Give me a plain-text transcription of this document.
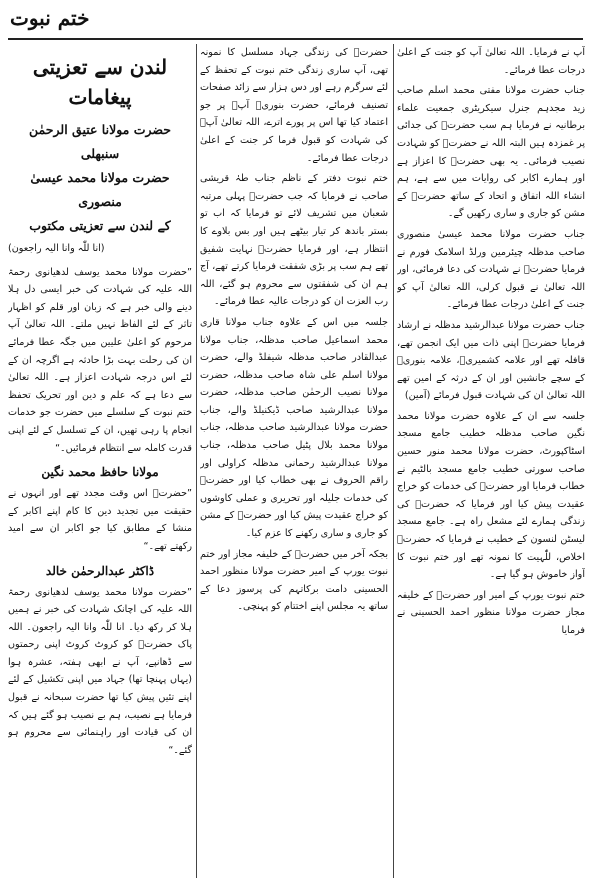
ختم نبوت

آپ نے فرمایا۔ اللہ تعالیٰ آپ کو جنت کے اعلیٰ درجات عطا فرمائے۔

جناب حضرت مولانا مفتی محمد اسلم صاحب زید مجدہم جنرل سیکریٹری جمعیت علماء برطانیہ نے فرمایا ہم سب حضرتؒ کی جدائی پر غمزدہ ہیں البتہ اللہ نے حضرتؒ کو شہادت نصیب فرمائی۔ یہ بھی حضرتؒ کا اعزاز ہے اور ہمارے اکابر کی روایات میں سے ہے، ہم انشاء اللہ اتفاق و اتحاد کے ساتھ حضرتؒ کے مشن کو جاری و ساری رکھیں گے۔

جناب حضرت مولانا محمد عیسیٰ منصوری صاحب مدظلہ چیئرمین ورلڈ اسلامک فورم نے فرمایا حضرتؒ نے شہادت کی دعا فرمائی، اور اللہ تعالیٰ نے قبول کرلی، اللہ تعالیٰ آپ کو جنت کے اعلیٰ درجات عطا فرمائے۔

جناب حضرت مولانا عبدالرشید مدظلہ نے ارشاد فرمایا حضرتؒ اپنی ذات میں ایک انجمن تھے، قافلہ تھے اور علامہ کشمیریؒ، علامہ بنوریؒ کے سچے جانشین اور ان کے درثہ کے امین تھے اللہ تعالیٰ ان کی شہادت قبول فرمائے (آمین)

جلسہ سے ان کے علاوہ حضرت مولانا محمد نگین صاحب مدظلہ خطیب جامع مسجد اسٹاکپورٹ، حضرت مولانا محمد منور حسین صاحب سورتی خطیب جامع مسجد بالٹیم نے خطاب فرمایا اور حضرتؒ کی خدمات کو خراج عقیدت پیش کیا اور فرمایا کہ حضرتؒ کی زندگی ہمارے لئے مشعل راہ ہے۔ جامع مسجد لیسٹن لنسون کے خطیب نے فرمایا کہ حضرتؒ اخلاص، للّٰہیت کا نمونہ تھے اور ختم نبوت کا آواز خاموش ہو گیا ہے۔

ختم نبوت یورپ کے امیر اور حضرتؒ کے خلیفہ مجاز حضرت مولانا منظور احمد الحسینی نے فرمایا

حضرتؒ کی زندگی جہاد مسلسل کا نمونہ تھی، آپ ساری زندگی ختم نبوت کے تحفظ کے لئے سرگرم رہے اور دس ہزار سے زائد صفحات تصنیف فرمائے، حضرت بنوریؒ آپؒ پر جو اعتماد کیا تھا اس پر پورے اترے، اللہ تعالیٰ آپؒ کی شہادت کو قبول فرما کر جنت کے اعلیٰ درجات عطا فرمائے۔

ختم نبوت دفتر کے ناظم جناب طہٰ قریشی صاحب نے فرمایا کہ جب حضرتؒ پہلی مرتبہ شعبان میں تشریف لائے تو فرمایا کہ اب تو بستر باندھ کر تیار بیٹھے ہیں اور بس بلاوے کا انتظار ہے، اور فرمایا حضرتؒ نہایت شفیق تھے ہم سب پر بڑی شفقت فرمایا کرتے تھے، آج ہم ان کی شفقتوں سے محروم ہو گئے، اللہ رب العزت ان کو درجات عالیہ عطا فرمائے۔

جلسہ میں اس کے علاوہ جناب مولانا قاری محمد اسماعیل صاحب مدظلہ، جناب مولانا عبدالقادر صاحب مدظلہ شیفلڈ والے، حضرت مولانا اسلم علی شاہ صاحب مدظلہ، حضرت مولانا نصیب الرحمٰن صاحب مدظلہ، حضرت مولانا عبدالرشید صاحب ڈیکنیلڈ والے، جناب حضرت مولانا عبدالرشید صاحب مدظلہ، جناب مولانا محمد بلال پٹیل صاحب مدظلہ، جناب مولانا عبدالرشید رحمانی مدظلہ کراولی اور راقم الحروف نے بھی خطاب کیا اور حضرتؒ کی خدمات جلیلہ اور تحریری و عملی کاوشوں کو خراج عقیدت پیش کیا اور حضرتؒ کے مشن کو جاری و ساری رکھنے کا عزم کیا۔

بجکہ آخر میں حضرتؒ کے خلیفہ مجاز اور ختم نبوت یورپ کے امیر حضرت مولانا منظور احمد الحسینی دامت برکاتہم کی پرسوز دعا کے ساتھ یہ مجلس اپنے اختتام کو پہنچی۔

لندن سے تعزیتی پیغامات
حضرت مولانا عتیق الرحمٰن سنبھلی
حضرت مولانا محمد عیسیٰ منصوری
کے لندن سے تعزیتی مکتوب
(انا للّٰہ وانا الیہ راجعون)

”حضرت مولانا محمد یوسف لدھیانوی رحمۃ اللہ علیہ کی شہادت کی خبر ایسی دل ہلا دینے والی خبر ہے کہ زبان اور قلم کو اظہار تاثر کے لئے الفاظ نہیں ملتے۔ اللہ تعالیٰ آپ مرحوم کو اعلیٰ علیین میں جگہ عطا فرمائے ان کی رحلت بہت بڑا حادثہ ہے اگرچہ ان کے لئے اس درجہ شہادت اعزاز ہے۔ اللہ تعالیٰ سے دعا ہے کہ علم و دین اور تحریک تحفظ ختم نبوت کے سلسلے میں حضرت جو خدمات انجام پا رہی تھیں، ان کے تسلسل کے لئے اپنی قدرت کاملہ سے انتظام فرمائیں۔“

مولانا حافظ محمد نگین

”حضرتؒ اس وقت مجدد تھے اور انہوں نے حقیقت میں تجدید دین کا کام اپنے اکابر کے منشا کے مطابق کیا جو اکابر ان سے امید رکھتے تھے۔“

ڈاکٹر عبدالرحمٰن خالد

”حضرت مولانا محمد یوسف لدھیانوی رحمۃ اللہ علیہ کی اچانک شہادت کی خبر نے ہمیں ہلا کر رکھ دیا۔ انا للّٰہ وانا الیہ راجعون۔ اللہ پاک حضرتؒ کو کروٹ کروٹ اپنی رحمتوں سے ڈھانپے، آپ نے ابھی ہفتہ، عشرہ ہوا (یہاں پہنچا تھا) جہاد میں اپنی تکشیل کے لئے اپنے تئیں پیش کیا تھا حضرت سبحانہ نے قبول فرمایا ہے نصیب، ہم بے نصیب ہو گئے ہیں کہ ان کی قیادت اور راہنمائی سے محروم ہو گئے۔“
